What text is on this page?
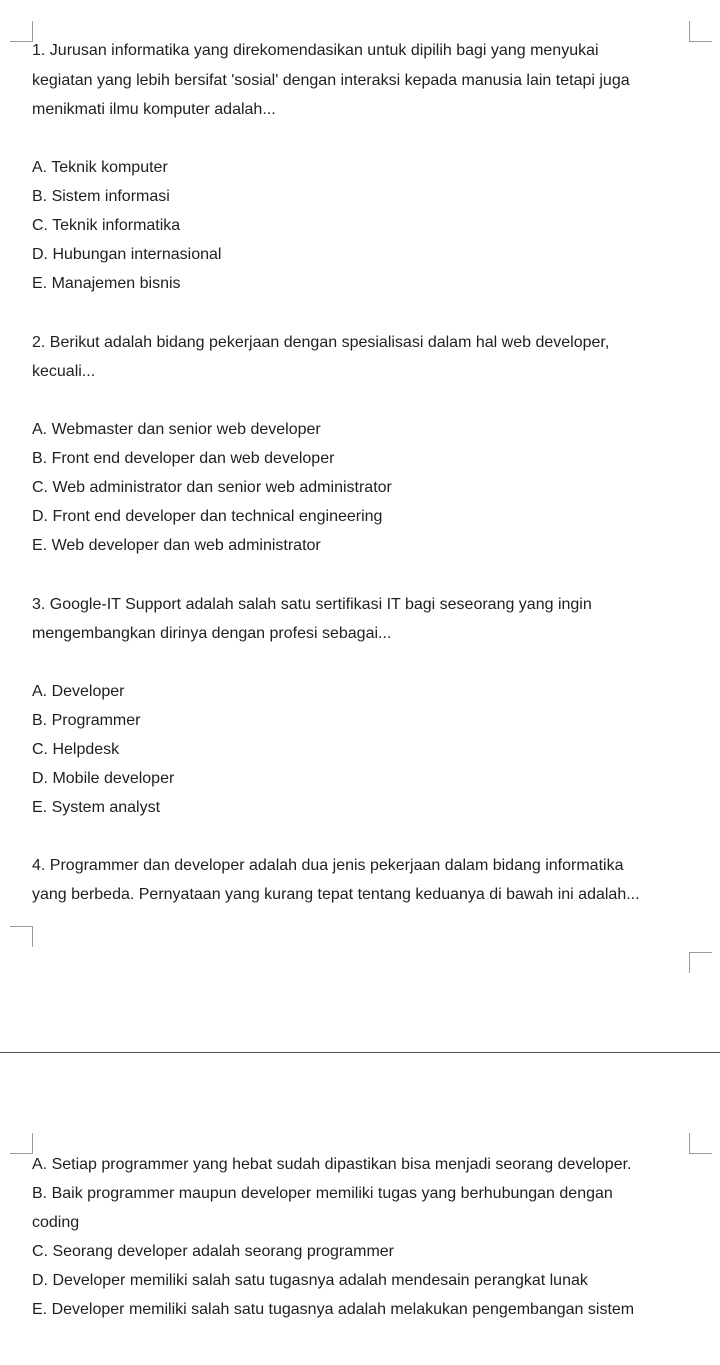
1. Jurusan informatika yang direkomendasikan untuk dipilih bagi yang menyukai
kegiatan yang lebih bersifat 'sosial' dengan interaksi kepada manusia lain tetapi juga
menikmati ilmu komputer adalah...
A. Teknik komputer
B. Sistem informasi
C. Teknik informatika
D. Hubungan internasional
E. Manajemen bisnis
2. Berikut adalah bidang pekerjaan dengan spesialisasi dalam hal web developer,
kecuali...
A. Webmaster dan senior web developer
B. Front end developer dan web developer
C. Web administrator dan senior web administrator
D. Front end developer dan technical engineering
E. Web developer dan web administrator
3. Google-IT Support adalah salah satu sertifikasi IT bagi seseorang yang ingin
mengembangkan dirinya dengan profesi sebagai...
A. Developer
B. Programmer
C. Helpdesk
D. Mobile developer
E. System analyst
4. Programmer dan developer adalah dua jenis pekerjaan dalam bidang informatika
yang berbeda. Pernyataan yang kurang tepat tentang keduanya di bawah ini adalah...
A. Setiap programmer yang hebat sudah dipastikan bisa menjadi seorang developer.
B. Baik programmer maupun developer memiliki tugas yang berhubungan dengan
coding
C. Seorang developer adalah seorang programmer
D. Developer memiliki salah satu tugasnya adalah mendesain perangkat lunak
E. Developer memiliki salah satu tugasnya adalah melakukan pengembangan sistem
